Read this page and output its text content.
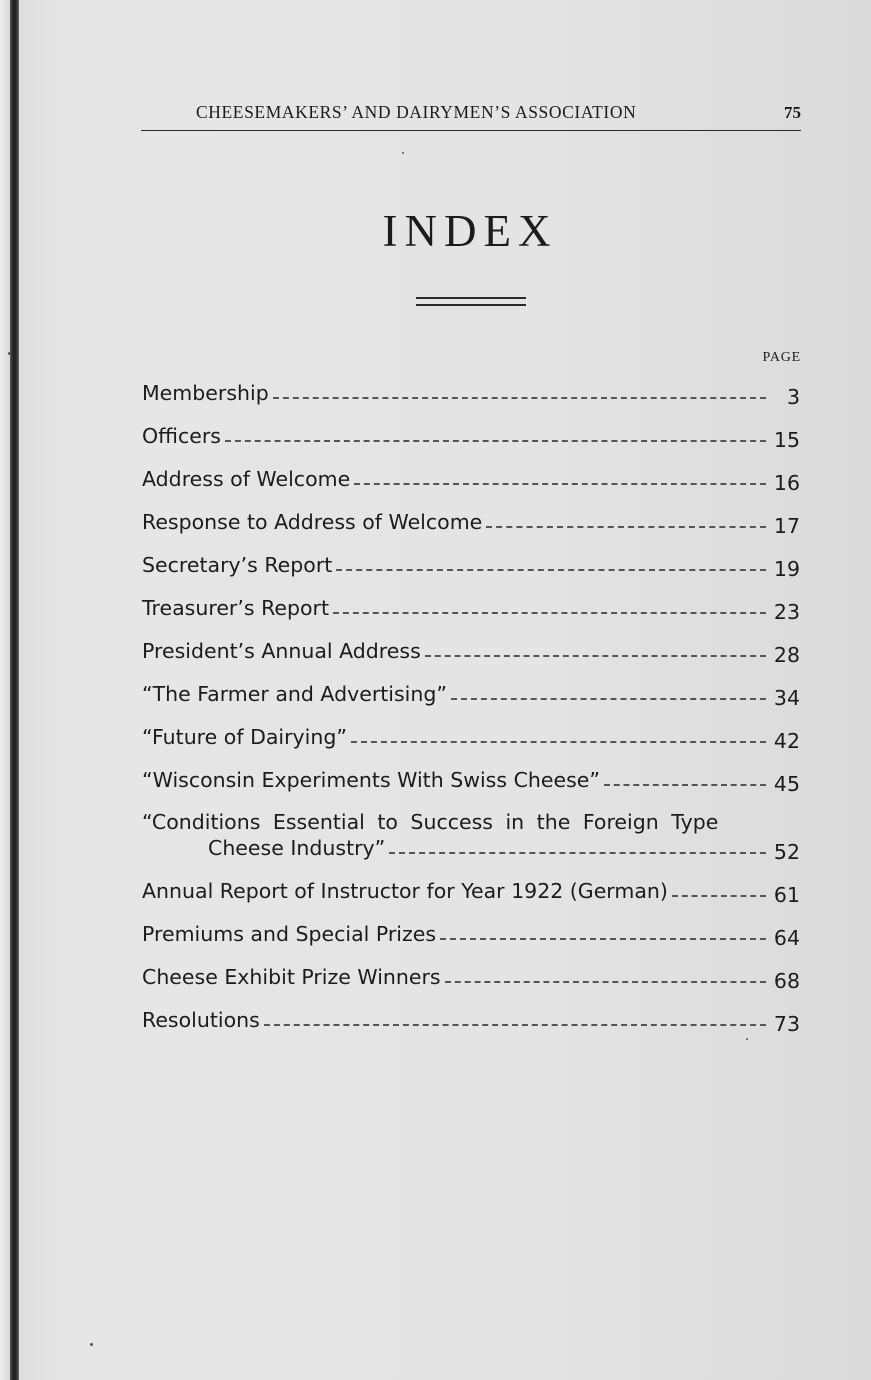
CHEESEMAKERS’ AND DAIRYMEN’S ASSOCIATION	75
INDEX
PAGE
Membership	3
Officers	15
Address of Welcome	16
Response to Address of Welcome	17
Secretary’s Report	19
Treasurer’s Report	23
President’s Annual Address	28
“The Farmer and Advertising”	34
“Future of Dairying”	42
“Wisconsin Experiments With Swiss Cheese”	45
“Conditions Essential to Success in the Foreign Type
Cheese Industry”	52
Annual Report of Instructor for Year 1922 (German)	61
Premiums and Special Prizes	64
Cheese Exhibit Prize Winners	68
Resolutions	73
